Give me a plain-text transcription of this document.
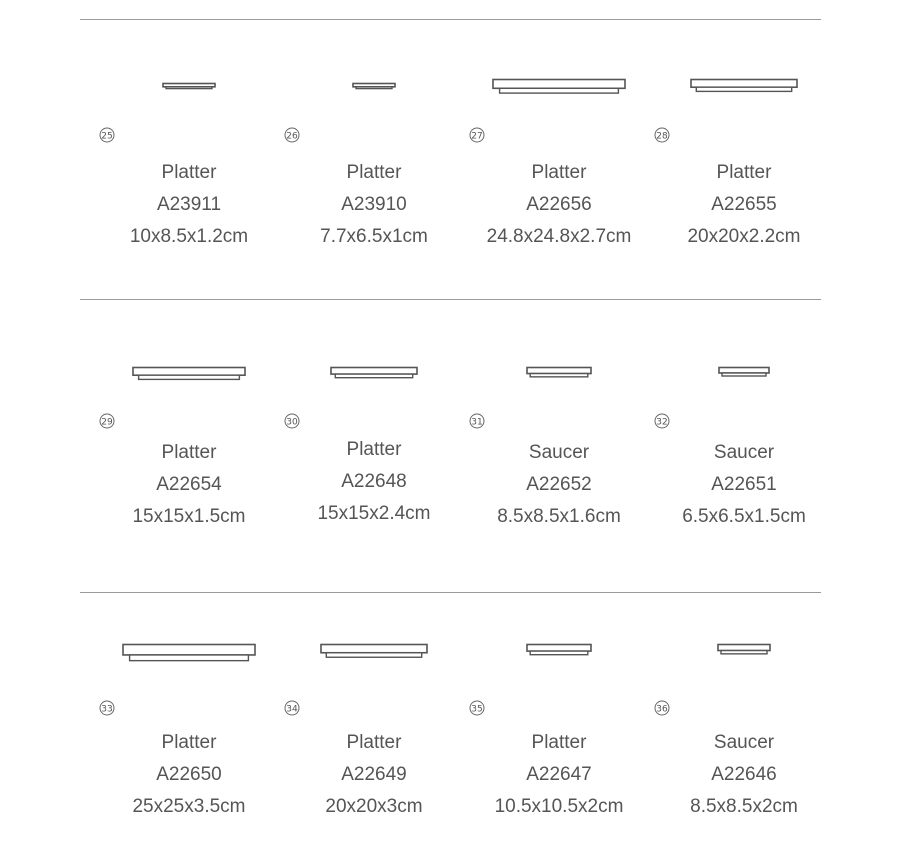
25
Platter
A23911
10x8.5x1.2cm
26
Platter
A23910
7.7x6.5x1cm
27
Platter
A22656
24.8x24.8x2.7cm
28
Platter
A22655
20x20x2.2cm
29
Platter
A22654
15x15x1.5cm
30
Platter
A22648
15x15x2.4cm
31
Saucer
A22652
8.5x8.5x1.6cm
32
Saucer
A22651
6.5x6.5x1.5cm
33
Platter
A22650
25x25x3.5cm
34
Platter
A22649
20x20x3cm
35
Platter
A22647
10.5x10.5x2cm
36
Saucer
A22646
8.5x8.5x2cm
